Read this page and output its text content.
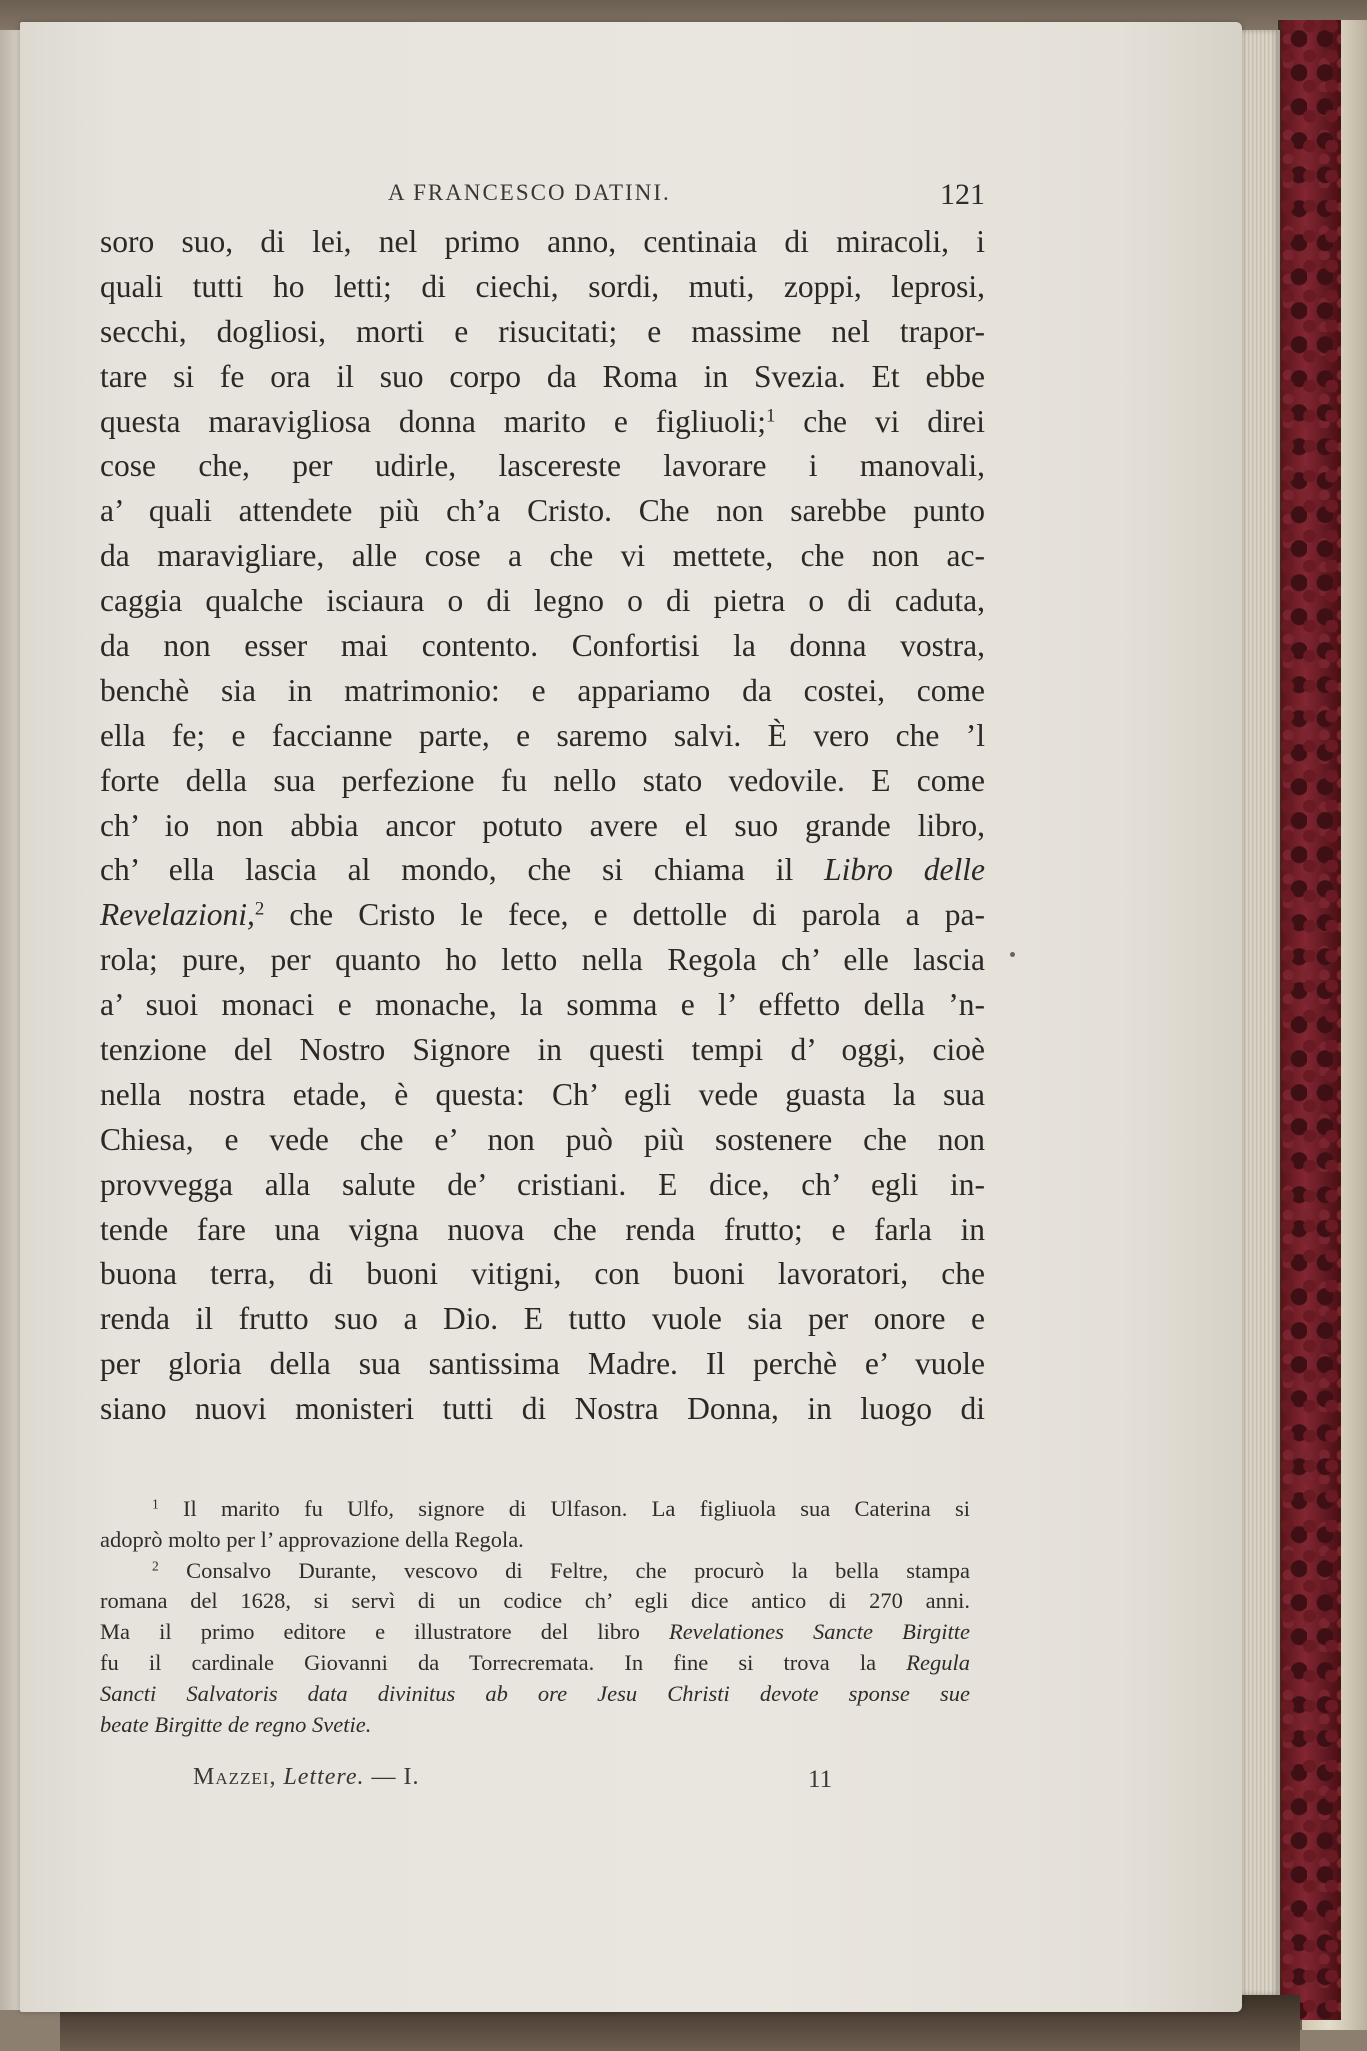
A FRANCESCO DATINI.	121
soro suo, di lei, nel primo anno, centinaia di miracoli, i
quali tutti ho letti; di ciechi, sordi, muti, zoppi, leprosi,
secchi, dogliosi, morti e risucitati; e massime nel trapor-
tare si fe ora il suo corpo da Roma in Svezia. Et ebbe
questa maravigliosa donna marito e figliuoli;$^1$ che vi direi
cose che, per udirle, lascereste lavorare i manovali,
a’ quali attendete più ch’a Cristo. Che non sarebbe punto
da maravigliare, alle cose a che vi mettete, che non ac-
caggia qualche isciaura o di legno o di pietra o di caduta,
da non esser mai contento. Confortisi la donna vostra,
benchè sia in matrimonio: e appariamo da costei, come
ella fe; e faccianne parte, e saremo salvi. È vero che ’l
forte della sua perfezione fu nello stato vedovile. E come
ch’ io non abbia ancor potuto avere el suo grande libro,
ch’ ella lascia al mondo, che si chiama il Libro delle
Revelazioni,$^2$ che Cristo le fece, e dettolle di parola a pa-
rola; pure, per quanto ho letto nella Regola ch’ elle lascia
a’ suoi monaci e monache, la somma e l’ effetto della ’n-
tenzione del Nostro Signore in questi tempi d’ oggi, cioè
nella nostra etade, è questa: Ch’ egli vede guasta la sua
Chiesa, e vede che e’ non può più sostenere che non
provvegga alla salute de’ cristiani. E dice, ch’ egli in-
tende fare una vigna nuova che renda frutto; e farla in
buona terra, di buoni vitigni, con buoni lavoratori, che
renda il frutto suo a Dio. E tutto vuole sia per onore e
per gloria della sua santissima Madre. Il perchè e’ vuole
siano nuovi monisteri tutti di Nostra Donna, in luogo di
$^1$ Il marito fu Ulfo, signore di Ulfason. La figliuola sua Caterina si
adoprò molto per l’ approvazione della Regola.
$^2$ Consalvo Durante, vescovo di Feltre, che procurò la bella stampa
romana del 1628, si servì di un codice ch’ egli dice antico di 270 anni.
Ma il primo editore e illustratore del libro Revelationes Sancte Birgitte
fu il cardinale Giovanni da Torrecremata. In fine si trova la Regula
Sancti Salvatoris data divinitus ab ore Jesu Christi devote sponse sue
beate Birgitte de regno Svetie.
Mazzei, Lettere. — I.	11
